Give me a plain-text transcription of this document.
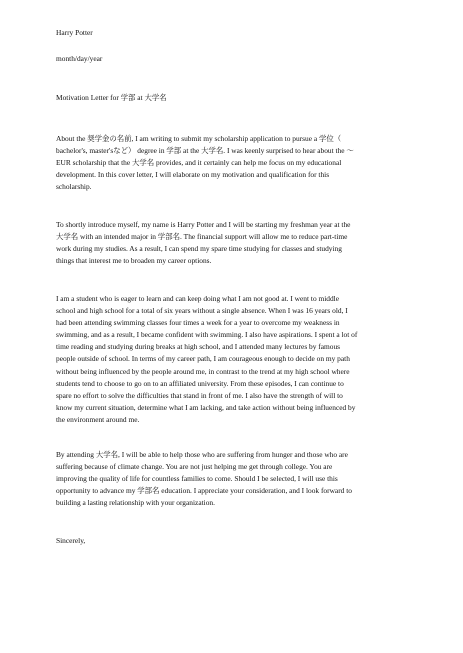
Harry Potter
month/day/year
Motivation Letter for 学部 at 大学名

About the 奨学金の名前, I am writing to submit my scholarship application to pursue a 学位（

bachelor's, master'sなど） degree in 学部 at the 大学名. I was keenly surprised to hear about the ～

EUR scholarship that the 大学名 provides, and it certainly can help me focus on my educational

development. In this cover letter, I will elaborate on my motivation and qualification for this

scholarship.

To shortly introduce myself, my name is Harry Potter and I will be starting my freshman year at the

大学名 with an intended major in 学部名. The financial support will allow me to reduce part-time

work during my studies. As a result, I can spend my spare time studying for classes and studying

things that interest me to broaden my career options.

I am a student who is eager to learn and can keep doing what I am not good at. I went to middle

school and high school for a total of six years without a single absence. When I was 16 years old, I

had been attending swimming classes four times a week for a year to overcome my weakness in

swimming, and as a result, I became confident with swimming. I also have aspirations. I spent a lot of

time reading and studying during breaks at high school, and I attended many lectures by famous

people outside of school. In terms of my career path, I am courageous enough to decide on my path

without being influenced by the people around me, in contrast to the trend at my high school where

students tend to choose to go on to an affiliated university. From these episodes, I can continue to

spare no effort to solve the difficulties that stand in front of me. I also have the strength of will to

know my current situation, determine what I am lacking, and take action without being influenced by

the environment around me.

By attending 大学名, I will be able to help those who are suffering from hunger and those who are

suffering because of climate change. You are not just helping me get through college. You are

improving the quality of life for countless families to come. Should I be selected, I will use this

opportunity to advance my 学部名 education. I appreciate your consideration, and I look forward to

building a lasting relationship with your organization.

Sincerely,
